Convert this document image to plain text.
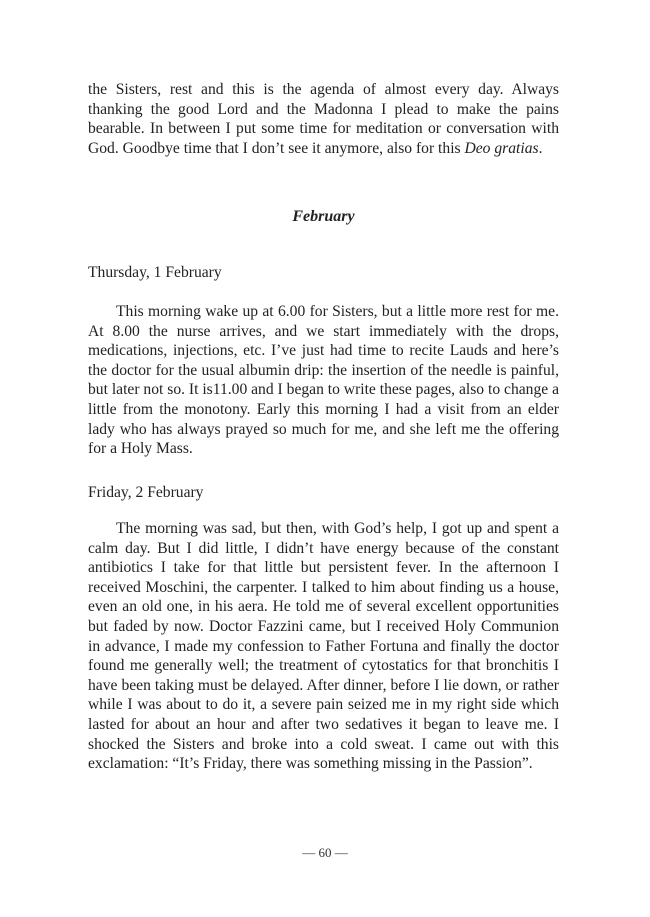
the Sisters, rest and this is the agenda of almost every day. Always thanking the good Lord and the Madonna I plead to make the pains bearable. In between I put some time for meditation or conversation with God. Goodbye time that I don’t see it anymore, also for this Deo gratias.

February

Thursday, 1 February

This morning wake up at 6.00 for Sisters, but a little more rest for me. At 8.00 the nurse arrives, and we start immediately with the drops, medications, injections, etc. I’ve just had time to recite Lauds and here’s the doctor for the usual albumin drip: the insertion of the needle is painful, but later not so. It is11.00 and I began to write these pages, also to change a little from the monotony. Early this morning I had a visit from an elder lady who has always prayed so much for me, and she left me the offering for a Holy Mass.

Friday, 2 February

The morning was sad, but then, with God’s help, I got up and spent a calm day. But I did little, I didn’t have energy because of the constant antibiotics I take for that little but persistent fever. In the afternoon I received Moschini, the carpenter. I talked to him about finding us a house, even an old one, in his aera. He told me of several excellent opportunities but faded by now. Doctor Fazzini came, but I received Holy Communion in advance, I made my confession to Father Fortuna and finally the doctor found me generally well; the treatment of cytostatics for that bronchitis I have been taking must be delayed. After dinner, before I lie down, or rather while I was about to do it, a severe pain seized me in my right side which lasted for about an hour and after two sedatives it began to leave me. I shocked the Sisters and broke into a cold sweat. I came out with this exclamation: “It’s Friday, there was something missing in the Passion”.

— 60 —
